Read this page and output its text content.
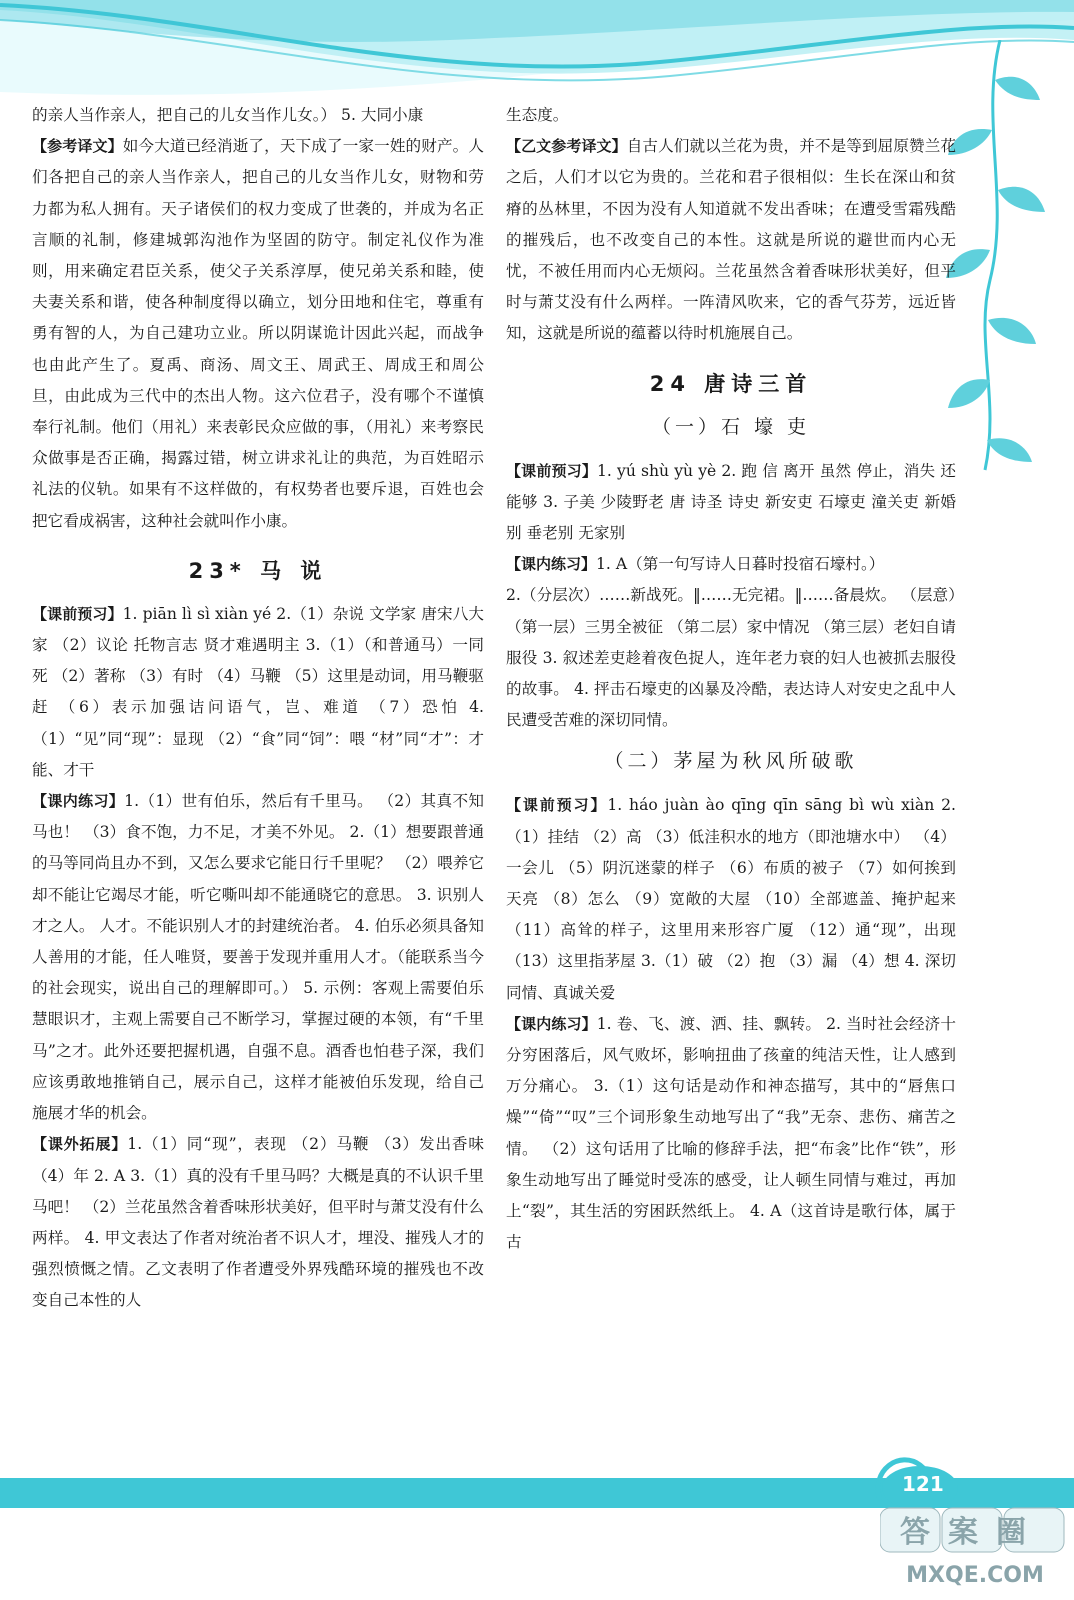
的亲人当作亲人，把自己的儿女当作儿女。） 5. 大同小康

【参考译文】如今大道已经消逝了，天下成了一家一姓的财产。人们各把自己的亲人当作亲人，把自己的儿女当作儿女，财物和劳力都为私人拥有。天子诸侯们的权力变成了世袭的，并成为名正言顺的礼制，修建城郭沟池作为坚固的防守。制定礼仪作为准则，用来确定君臣关系，使父子关系淳厚，使兄弟关系和睦，使夫妻关系和谐，使各种制度得以确立，划分田地和住宅，尊重有勇有智的人，为自己建功立业。所以阴谋诡计因此兴起，而战争也由此产生了。夏禹、商汤、周文王、周武王、周成王和周公旦，由此成为三代中的杰出人物。这六位君子，没有哪个不谨慎奉行礼制。他们（用礼）来表彰民众应做的事，（用礼）来考察民众做事是否正确，揭露过错，树立讲求礼让的典范，为百姓昭示礼法的仪轨。如果有不这样做的，有权势者也要斥退，百姓也会把它看成祸害，这种社会就叫作小康。

23* 马 说

【课前预习】1. piān lì sì xiàn yé 2.（1）杂说 文学家 唐宋八大家 （2）议论 托物言志 贤才难遇明主 3.（1）（和普通马）一同死 （2）著称 （3）有时 （4）马鞭 （5）这里是动词，用马鞭驱赶 （6）表示加强诘问语气，岂、难道 （7）恐怕 4.（1）“见”同“现”：显现 （2）“食”同“饲”：喂 “材”同“才”：才能、才干

【课内练习】1.（1）世有伯乐，然后有千里马。 （2）其真不知马也！ （3）食不饱，力不足，才美不外见。 2.（1）想要跟普通的马等同尚且办不到，又怎么要求它能日行千里呢？ （2）喂养它却不能让它竭尽才能，听它嘶叫却不能通晓它的意思。 3. 识别人才之人。 人才。不能识别人才的封建统治者。 4. 伯乐必须具备知人善用的才能，任人唯贤，要善于发现并重用人才。（能联系当今的社会现实，说出自己的理解即可。） 5. 示例：客观上需要伯乐慧眼识才，主观上需要自己不断学习，掌握过硬的本领，有“千里马”之才。此外还要把握机遇，自强不息。酒香也怕巷子深，我们应该勇敢地推销自己，展示自己，这样才能被伯乐发现，给自己施展才华的机会。

【课外拓展】1.（1）同“现”，表现 （2）马鞭 （3）发出香味 （4）年 2. A 3.（1）真的没有千里马吗？大概是真的不认识千里马吧！ （2）兰花虽然含着香味形状美好，但平时与萧艾没有什么两样。 4. 甲文表达了作者对统治者不识人才，埋没、摧残人才的强烈愤慨之情。乙文表明了作者遭受外界残酷环境的摧残也不改变自己本性的人

生态度。

【乙文参考译文】自古人们就以兰花为贵，并不是等到屈原赞兰花之后，人们才以它为贵的。兰花和君子很相似：生长在深山和贫瘠的丛林里，不因为没有人知道就不发出香味；在遭受雪霜残酷的摧残后，也不改变自己的本性。这就是所说的避世而内心无忧，不被任用而内心无烦闷。兰花虽然含着香味形状美好，但平时与萧艾没有什么两样。一阵清风吹来，它的香气芬芳，远近皆知，这就是所说的蕴蓄以待时机施展自己。

24 唐诗三首
（一）石 壕 吏

【课前预习】1. yú shù yù yè 2. 跑 信 离开 虽然 停止，消失 还能够 3. 子美 少陵野老 唐 诗圣 诗史 新安吏 石壕吏 潼关吏 新婚别 垂老别 无家别

【课内练习】1. A（第一句写诗人日暮时投宿石壕村。）

2.（分层次）……新战死。‖……无完裙。‖……备晨炊。 （层意）（第一层）三男全被征 （第二层）家中情况 （第三层）老妇自请服役 3. 叙述差吏趁着夜色捉人，连年老力衰的妇人也被抓去服役的故事。 4. 抨击石壕吏的凶暴及冷酷，表达诗人对安史之乱中人民遭受苦难的深切同情。

（二）茅屋为秋风所破歌

【课前预习】1. háo juàn ào qīng qīn sāng bì wù xiàn 2.（1）挂结 （2）高 （3）低洼积水的地方（即池塘水中） （4）一会儿 （5）阴沉迷蒙的样子 （6）布质的被子 （7）如何挨到天亮 （8）怎么 （9）宽敞的大屋 （10）全部遮盖、掩护起来 （11）高耸的样子，这里用来形容广厦 （12）通“现”，出现 （13）这里指茅屋 3.（1）破 （2）抱 （3）漏 （4）想 4. 深切同情、真诚关爱

【课内练习】1. 卷、飞、渡、洒、挂、飘转。 2. 当时社会经济十分穷困落后，风气败坏，影响扭曲了孩童的纯洁天性，让人感到万分痛心。 3.（1）这句话是动作和神态描写，其中的“唇焦口燥”“倚”“叹”三个词形象生动地写出了“我”无奈、悲伤、痛苦之情。 （2）这句话用了比喻的修辞手法，把“布衾”比作“铁”，形象生动地写出了睡觉时受冻的感受，让人顿生同情与难过，再加上“裂”，其生活的穷困跃然纸上。 4. A（这首诗是歌行体，属于古

121
答案圈
MXQE.COM
